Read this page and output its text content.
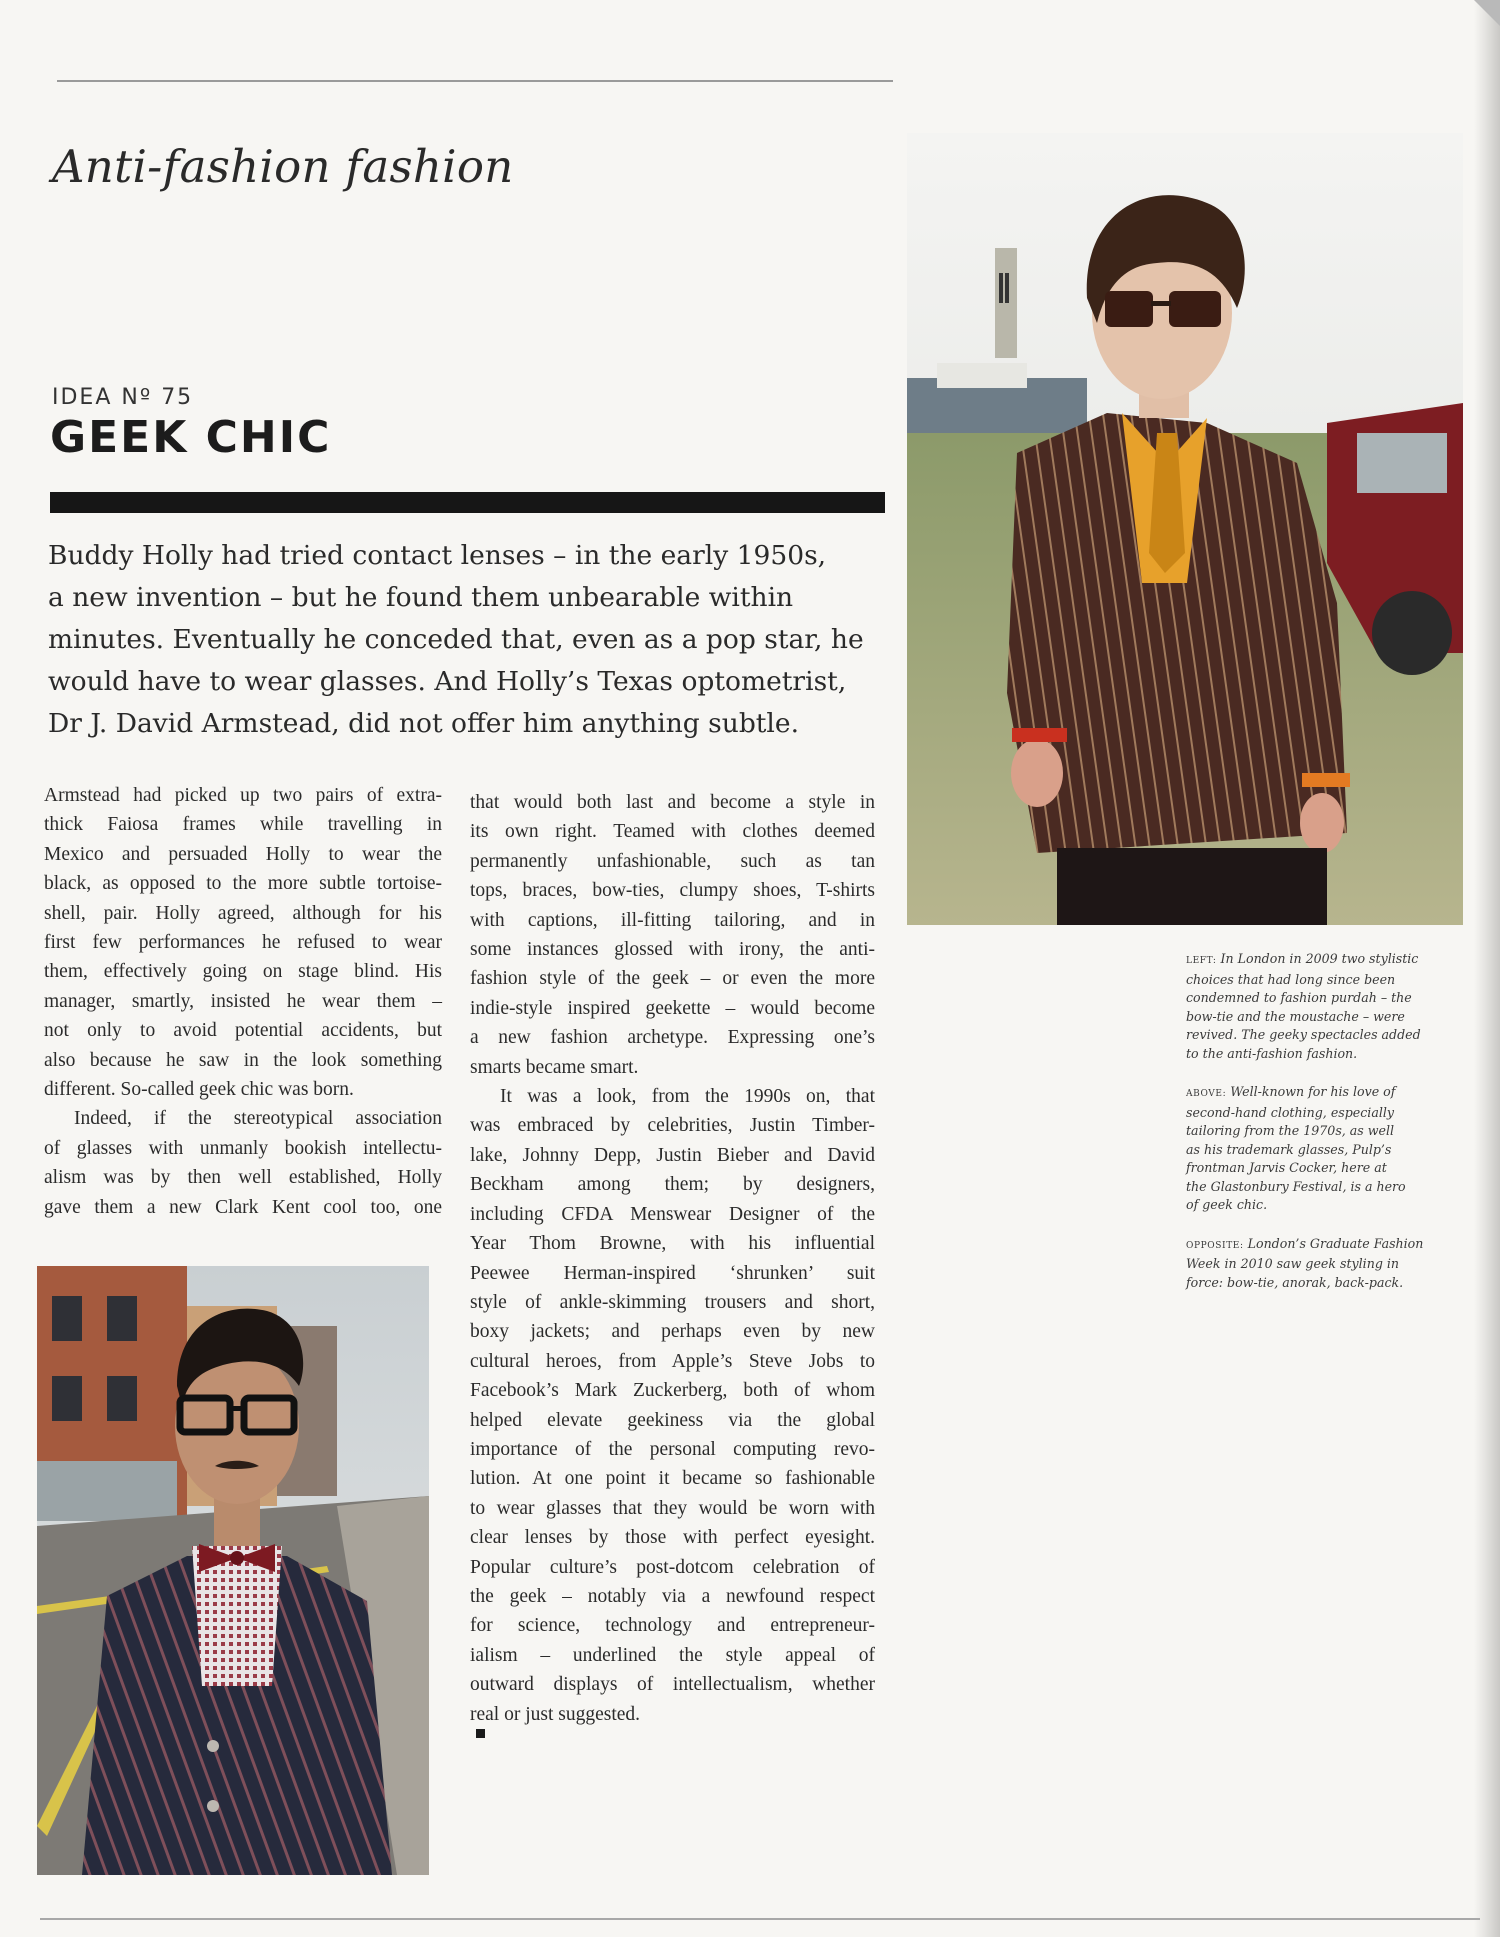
Anti-fashion fashion
IDEA Nº 75
GEEK CHIC
Buddy Holly had tried contact lenses – in the early 1950s,
a new invention – but he found them unbearable within
minutes. Eventually he conceded that, even as a pop star, he
would have to wear glasses. And Holly’s Texas optometrist,
Dr J. David Armstead, did not offer him anything subtle.
Armstead had picked up two pairs of extra-
thick Faiosa frames while travelling in
Mexico and persuaded Holly to wear the
black, as opposed to the more subtle tortoise-
shell, pair. Holly agreed, although for his
first few performances he refused to wear
them, effectively going on stage blind. His
manager, smartly, insisted he wear them –
not only to avoid potential accidents, but
also because he saw in the look something
different. So-called geek chic was born.
Indeed, if the stereotypical association
of glasses with unmanly bookish intellectu-
alism was by then well established, Holly
gave them a new Clark Kent cool too, one
that would both last and become a style in
its own right. Teamed with clothes deemed
permanently unfashionable, such as tan
tops, braces, bow-ties, clumpy shoes, T-shirts
with captions, ill-fitting tailoring, and in
some instances glossed with irony, the anti-
fashion style of the geek – or even the more
indie-style inspired geekette – would become
a new fashion archetype. Expressing one’s
smarts became smart.
It was a look, from the 1990s on, that
was embraced by celebrities, Justin Timber-
lake, Johnny Depp, Justin Bieber and David
Beckham among them; by designers,
including CFDA Menswear Designer of the
Year Thom Browne, with his influential
Peewee Herman-inspired ‘shrunken’ suit
style of ankle-skimming trousers and short,
boxy jackets; and perhaps even by new
cultural heroes, from Apple’s Steve Jobs to
Facebook’s Mark Zuckerberg, both of whom
helped elevate geekiness via the global
importance of the personal computing revo-
lution. At one point it became so fashionable
to wear glasses that they would be worn with
clear lenses by those with perfect eyesight.
Popular culture’s post-dotcom celebration of
the geek – notably via a newfound respect
for science, technology and entrepreneur-
ialism – underlined the style appeal of
outward displays of intellectualism, whether
real or just suggested.
LEFT: In London in 2009 two stylistic
choices that had long since been
condemned to fashion purdah – the
bow-tie and the moustache – were
revived. The geeky spectacles added
to the anti-fashion fashion.
ABOVE: Well-known for his love of
second-hand clothing, especially
tailoring from the 1970s, as well
as his trademark glasses, Pulp’s
frontman Jarvis Cocker, here at
the Glastonbury Festival, is a hero
of geek chic.
OPPOSITE: London’s Graduate Fashion
Week in 2010 saw geek styling in
force: bow-tie, anorak, back-pack.
